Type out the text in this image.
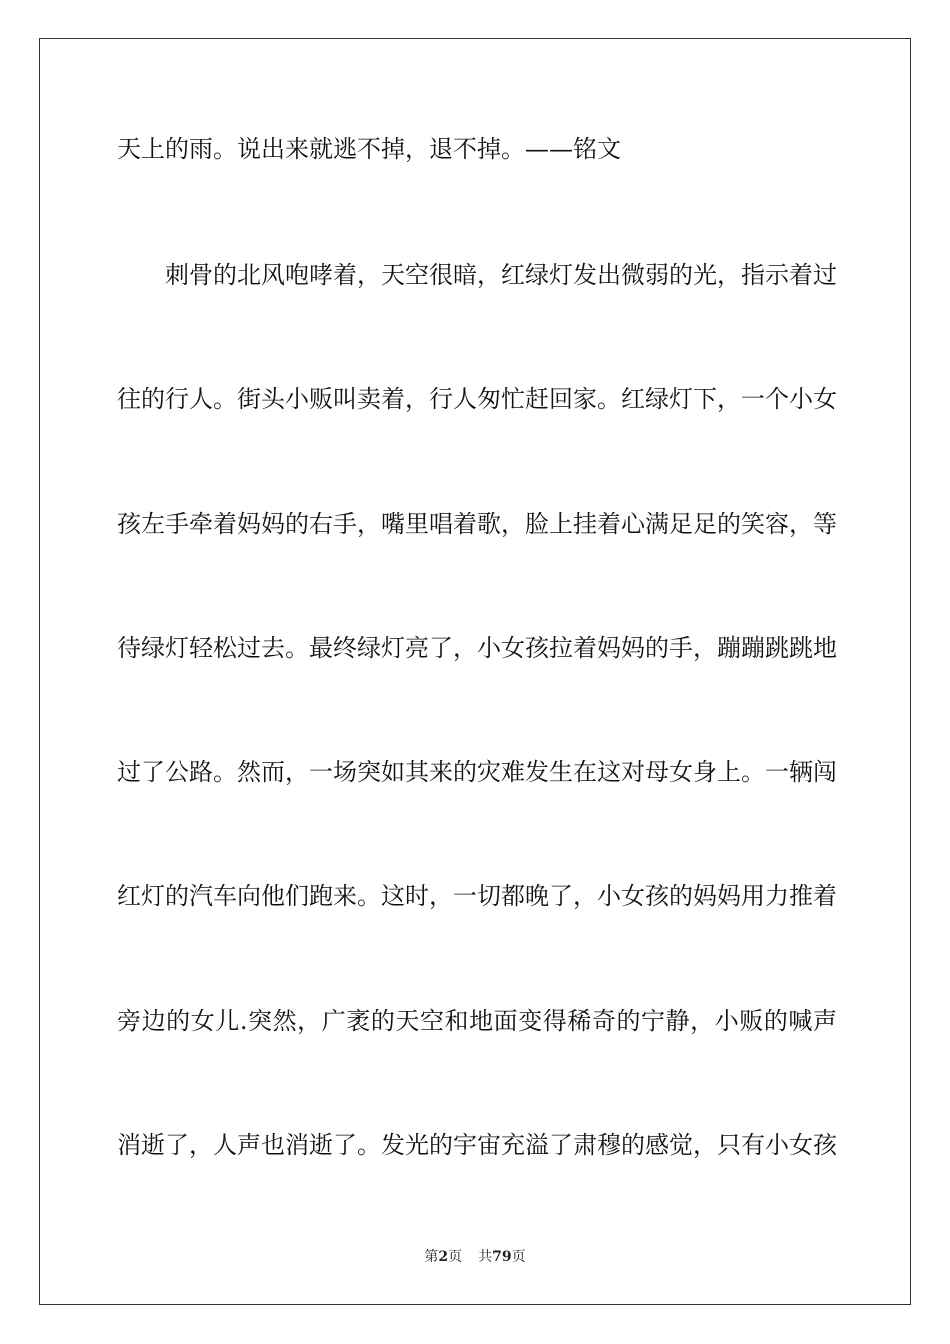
天上的雨。说出来就逃不掉，退不掉。——铭文
刺骨的北风咆哮着，天空很暗，红绿灯发出微弱的光，指示着过
往的行人。街头小贩叫卖着，行人匆忙赶回家。红绿灯下，一个小女
孩左手牵着妈妈的右手，嘴里唱着歌，脸上挂着心满足足的笑容，等
待绿灯轻松过去。最终绿灯亮了，小女孩拉着妈妈的手，蹦蹦跳跳地
过了公路。然而，一场突如其来的灾难发生在这对母女身上。一辆闯
红灯的汽车向他们跑来。这时，一切都晚了，小女孩的妈妈用力推着
旁边的女儿.突然，广袤的天空和地面变得稀奇的宁静，小贩的喊声
消逝了，人声也消逝了。发光的宇宙充溢了肃穆的感觉，只有小女孩
第2页 共79页
